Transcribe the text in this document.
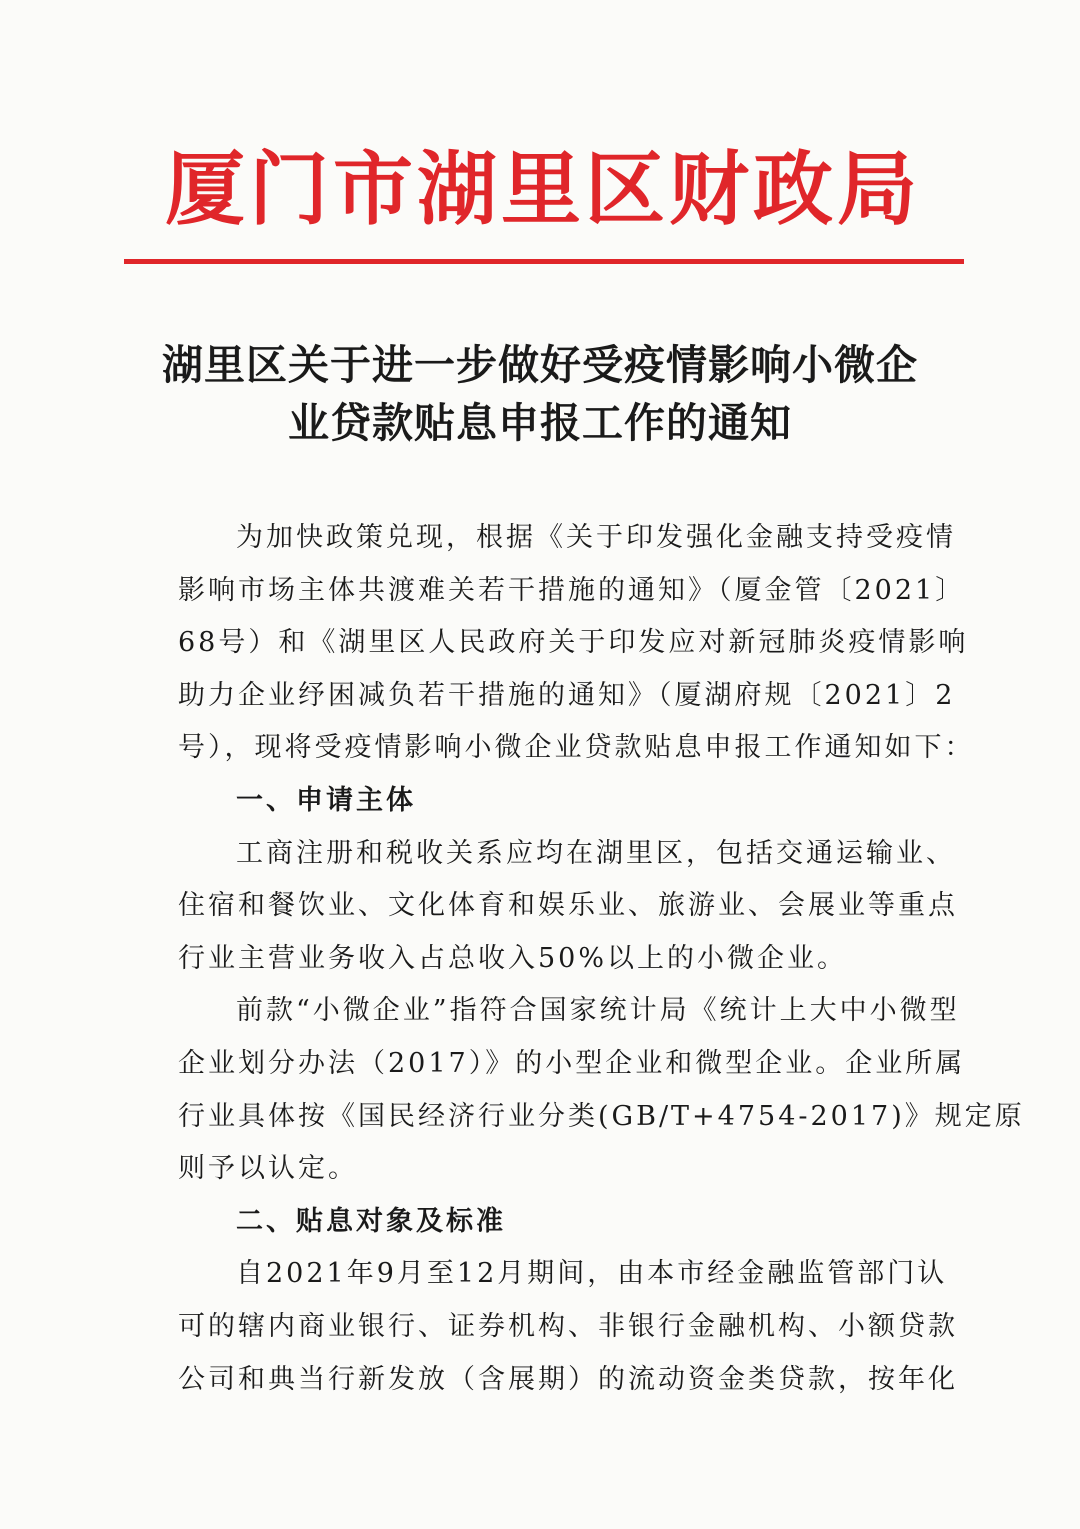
厦门市湖里区财政局
湖里区关于进一步做好受疫情影响小微企
业贷款贴息申报工作的通知
为加快政策兑现，根据《关于印发强化金融支持受疫情
影响市场主体共渡难关若干措施的通知》（厦金管〔2021〕
68号）和《湖里区人民政府关于印发应对新冠肺炎疫情影响
助力企业纾困减负若干措施的通知》（厦湖府规〔2021〕2
号），现将受疫情影响小微企业贷款贴息申报工作通知如下：
一、申请主体
工商注册和税收关系应均在湖里区，包括交通运输业、
住宿和餐饮业、文化体育和娱乐业、旅游业、会展业等重点
行业主营业务收入占总收入50%以上的小微企业。
前款“小微企业”指符合国家统计局《统计上大中小微型
企业划分办法（2017）》的小型企业和微型企业。企业所属
行业具体按《国民经济行业分类(GB/T+4754-2017)》规定原
则予以认定。
二、贴息对象及标准
自2021年9月至12月期间，由本市经金融监管部门认
可的辖内商业银行、证券机构、非银行金融机构、小额贷款
公司和典当行新发放（含展期）的流动资金类贷款，按年化
